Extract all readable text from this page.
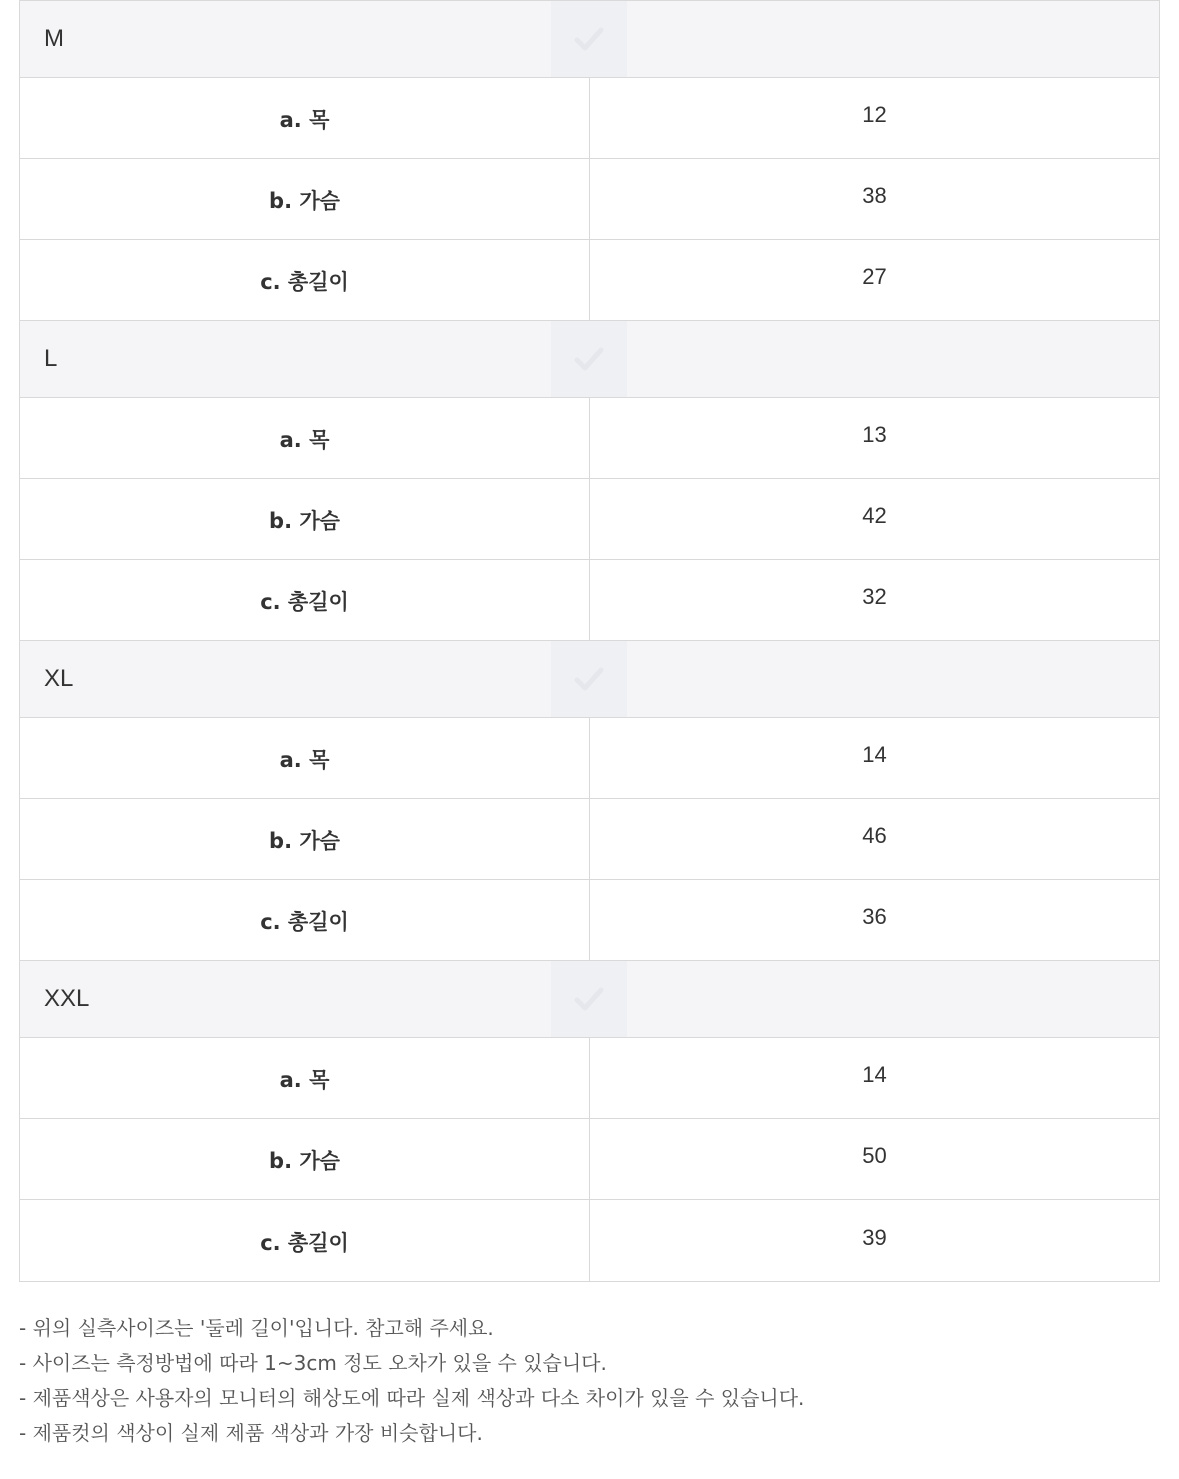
M
a. 목	12
b. 가슴	38
c. 총길이	27
L
a. 목	13
b. 가슴	42
c. 총길이	32
XL
a. 목	14
b. 가슴	46
c. 총길이	36
XXL
a. 목	14
b. 가슴	50
c. 총길이	39
- 위의 실측사이즈는 '둘레 길이'입니다. 참고해 주세요.
- 사이즈는 측정방법에 따라 1~3cm 정도 오차가 있을 수 있습니다.
- 제품색상은 사용자의 모니터의 해상도에 따라 실제 색상과 다소 차이가 있을 수 있습니다.
- 제품컷의 색상이 실제 제품 색상과 가장 비슷합니다.
